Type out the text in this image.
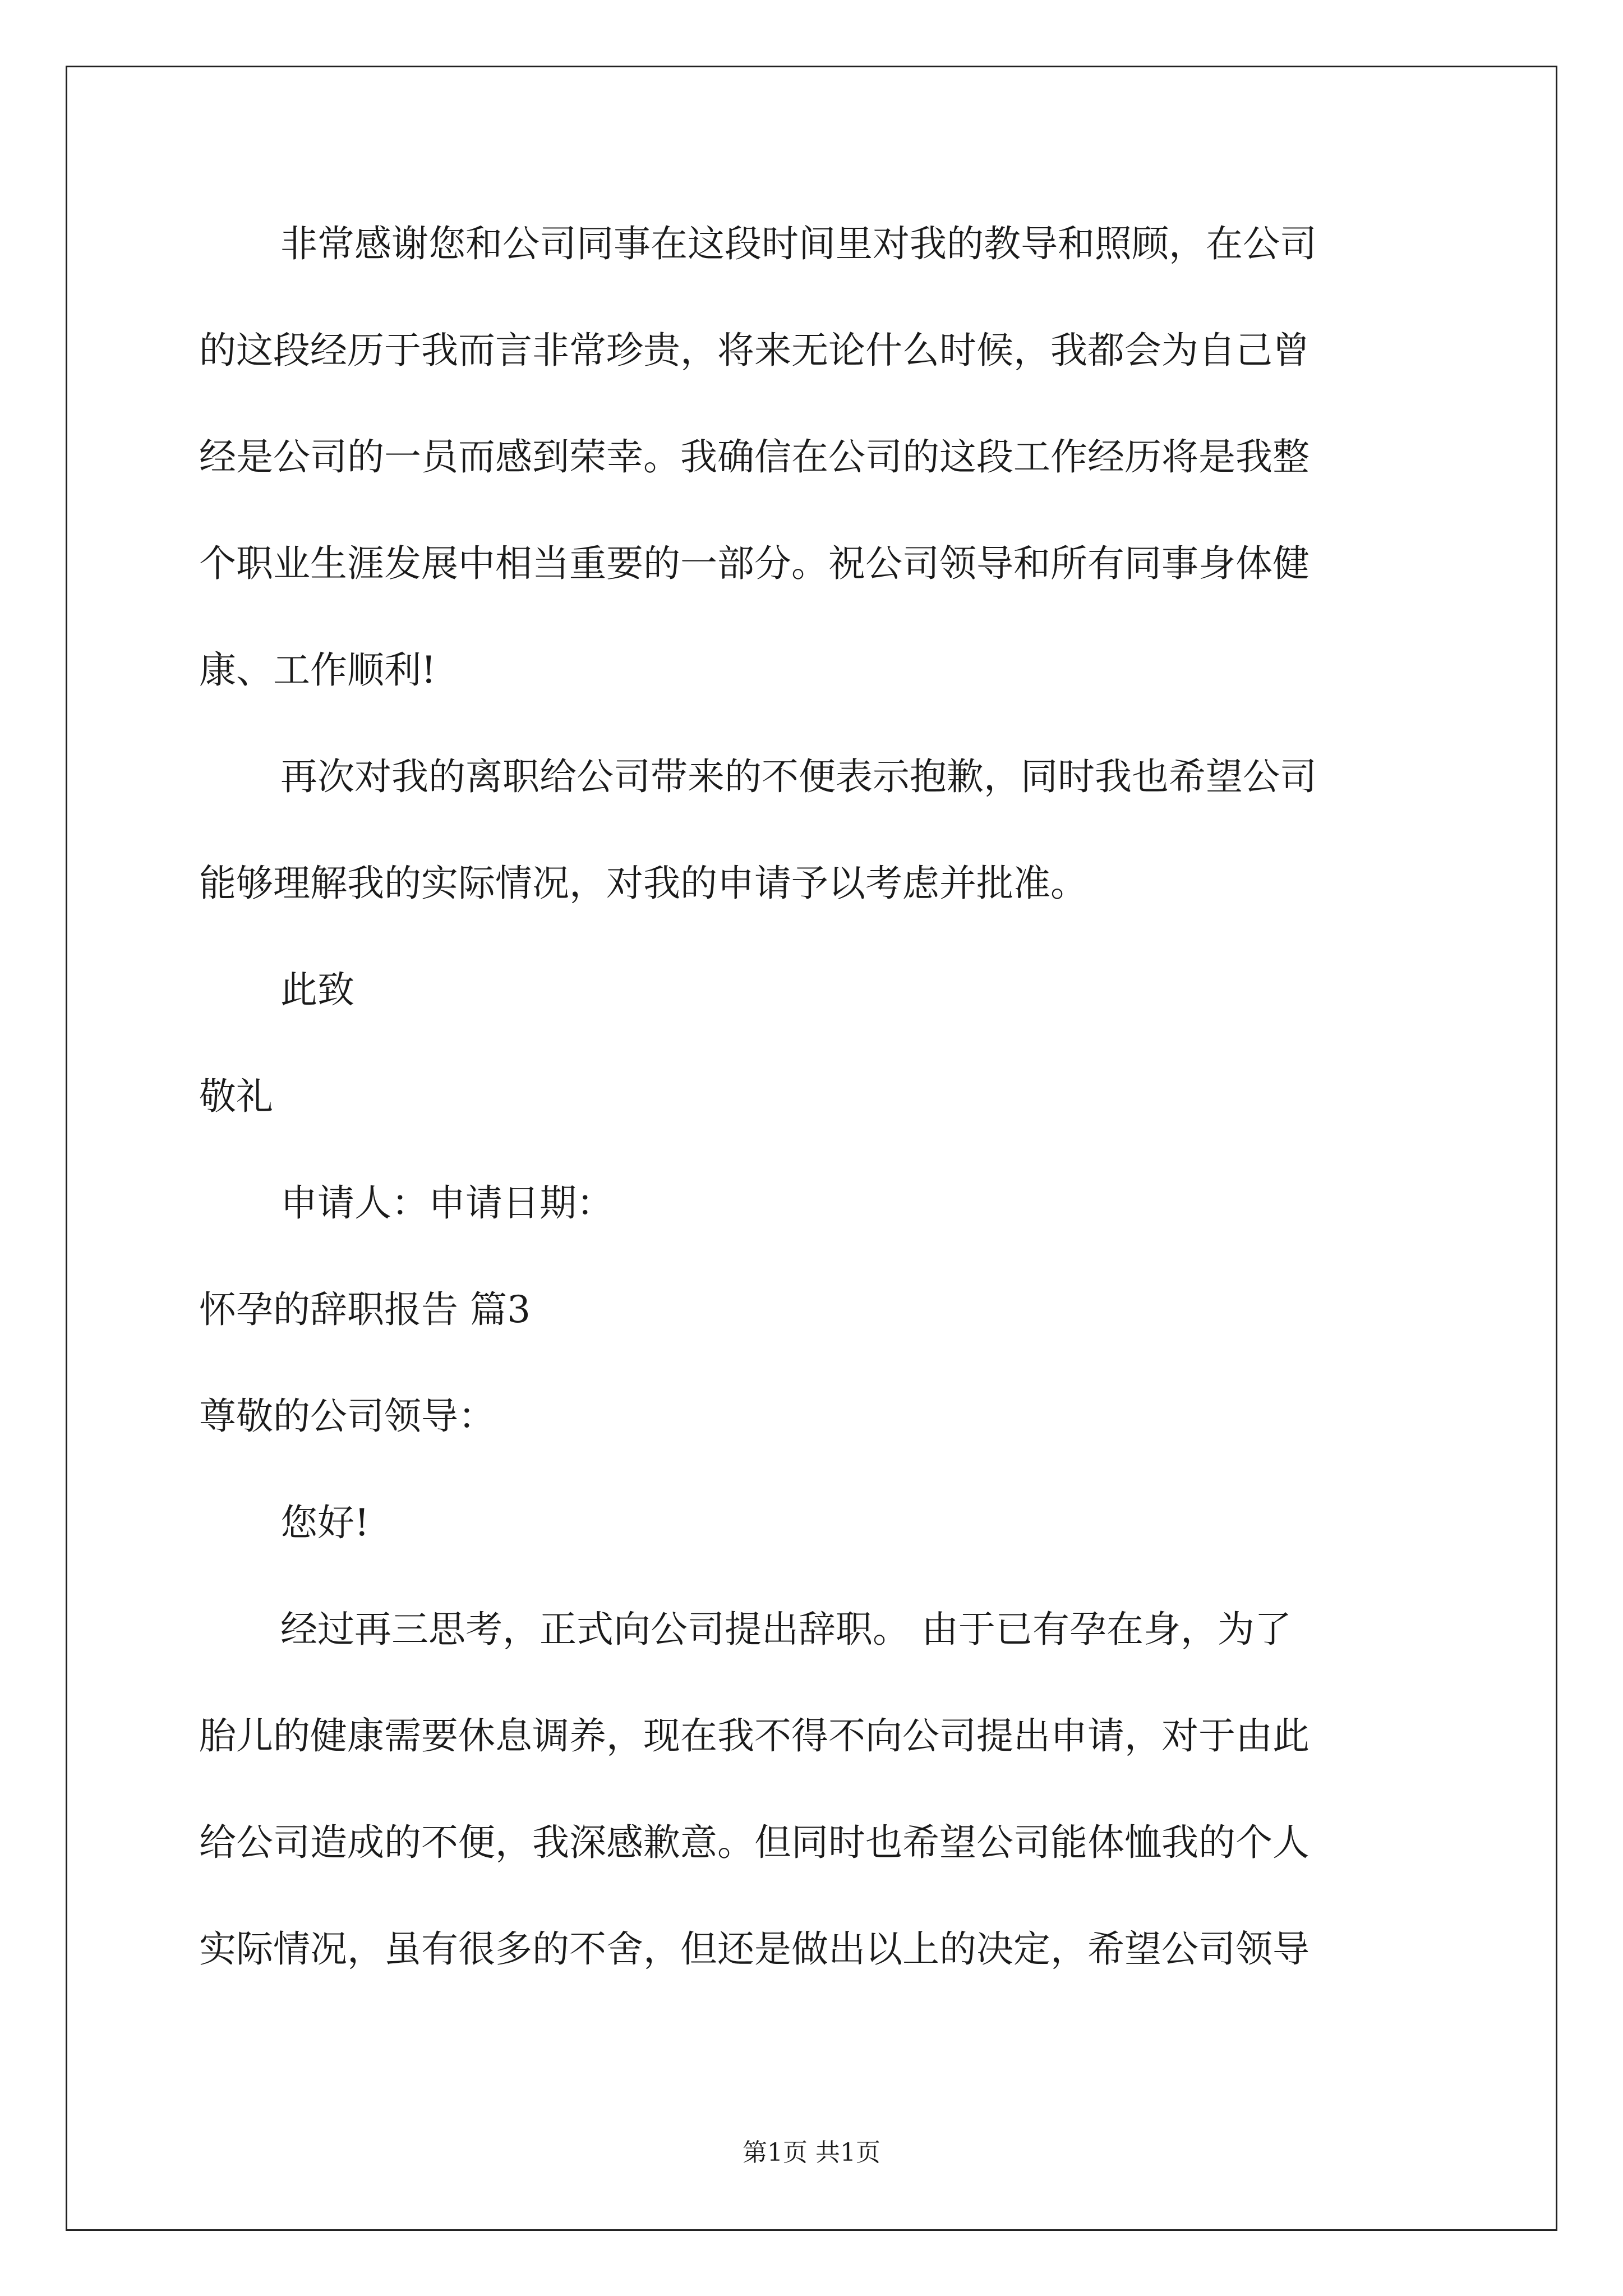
非常感谢您和公司同事在这段时间里对我的教导和照顾，在公司
的这段经历于我而言非常珍贵，将来无论什么时候，我都会为自己曾
经是公司的一员而感到荣幸。我确信在公司的这段工作经历将是我整
个职业生涯发展中相当重要的一部分。祝公司领导和所有同事身体健
康、工作顺利!
再次对我的离职给公司带来的不便表示抱歉，同时我也希望公司
能够理解我的实际情况，对我的申请予以考虑并批准。
此致
敬礼
申请人：申请日期：
怀孕的辞职报告 篇3
尊敬的公司领导：
您好!
经过再三思考，正式向公司提出辞职。 由于已有孕在身，为了
胎儿的健康需要休息调养，现在我不得不向公司提出申请，对于由此
给公司造成的不便，我深感歉意。但同时也希望公司能体恤我的个人
实际情况，虽有很多的不舍，但还是做出以上的决定，希望公司领导
第1页 共1页
